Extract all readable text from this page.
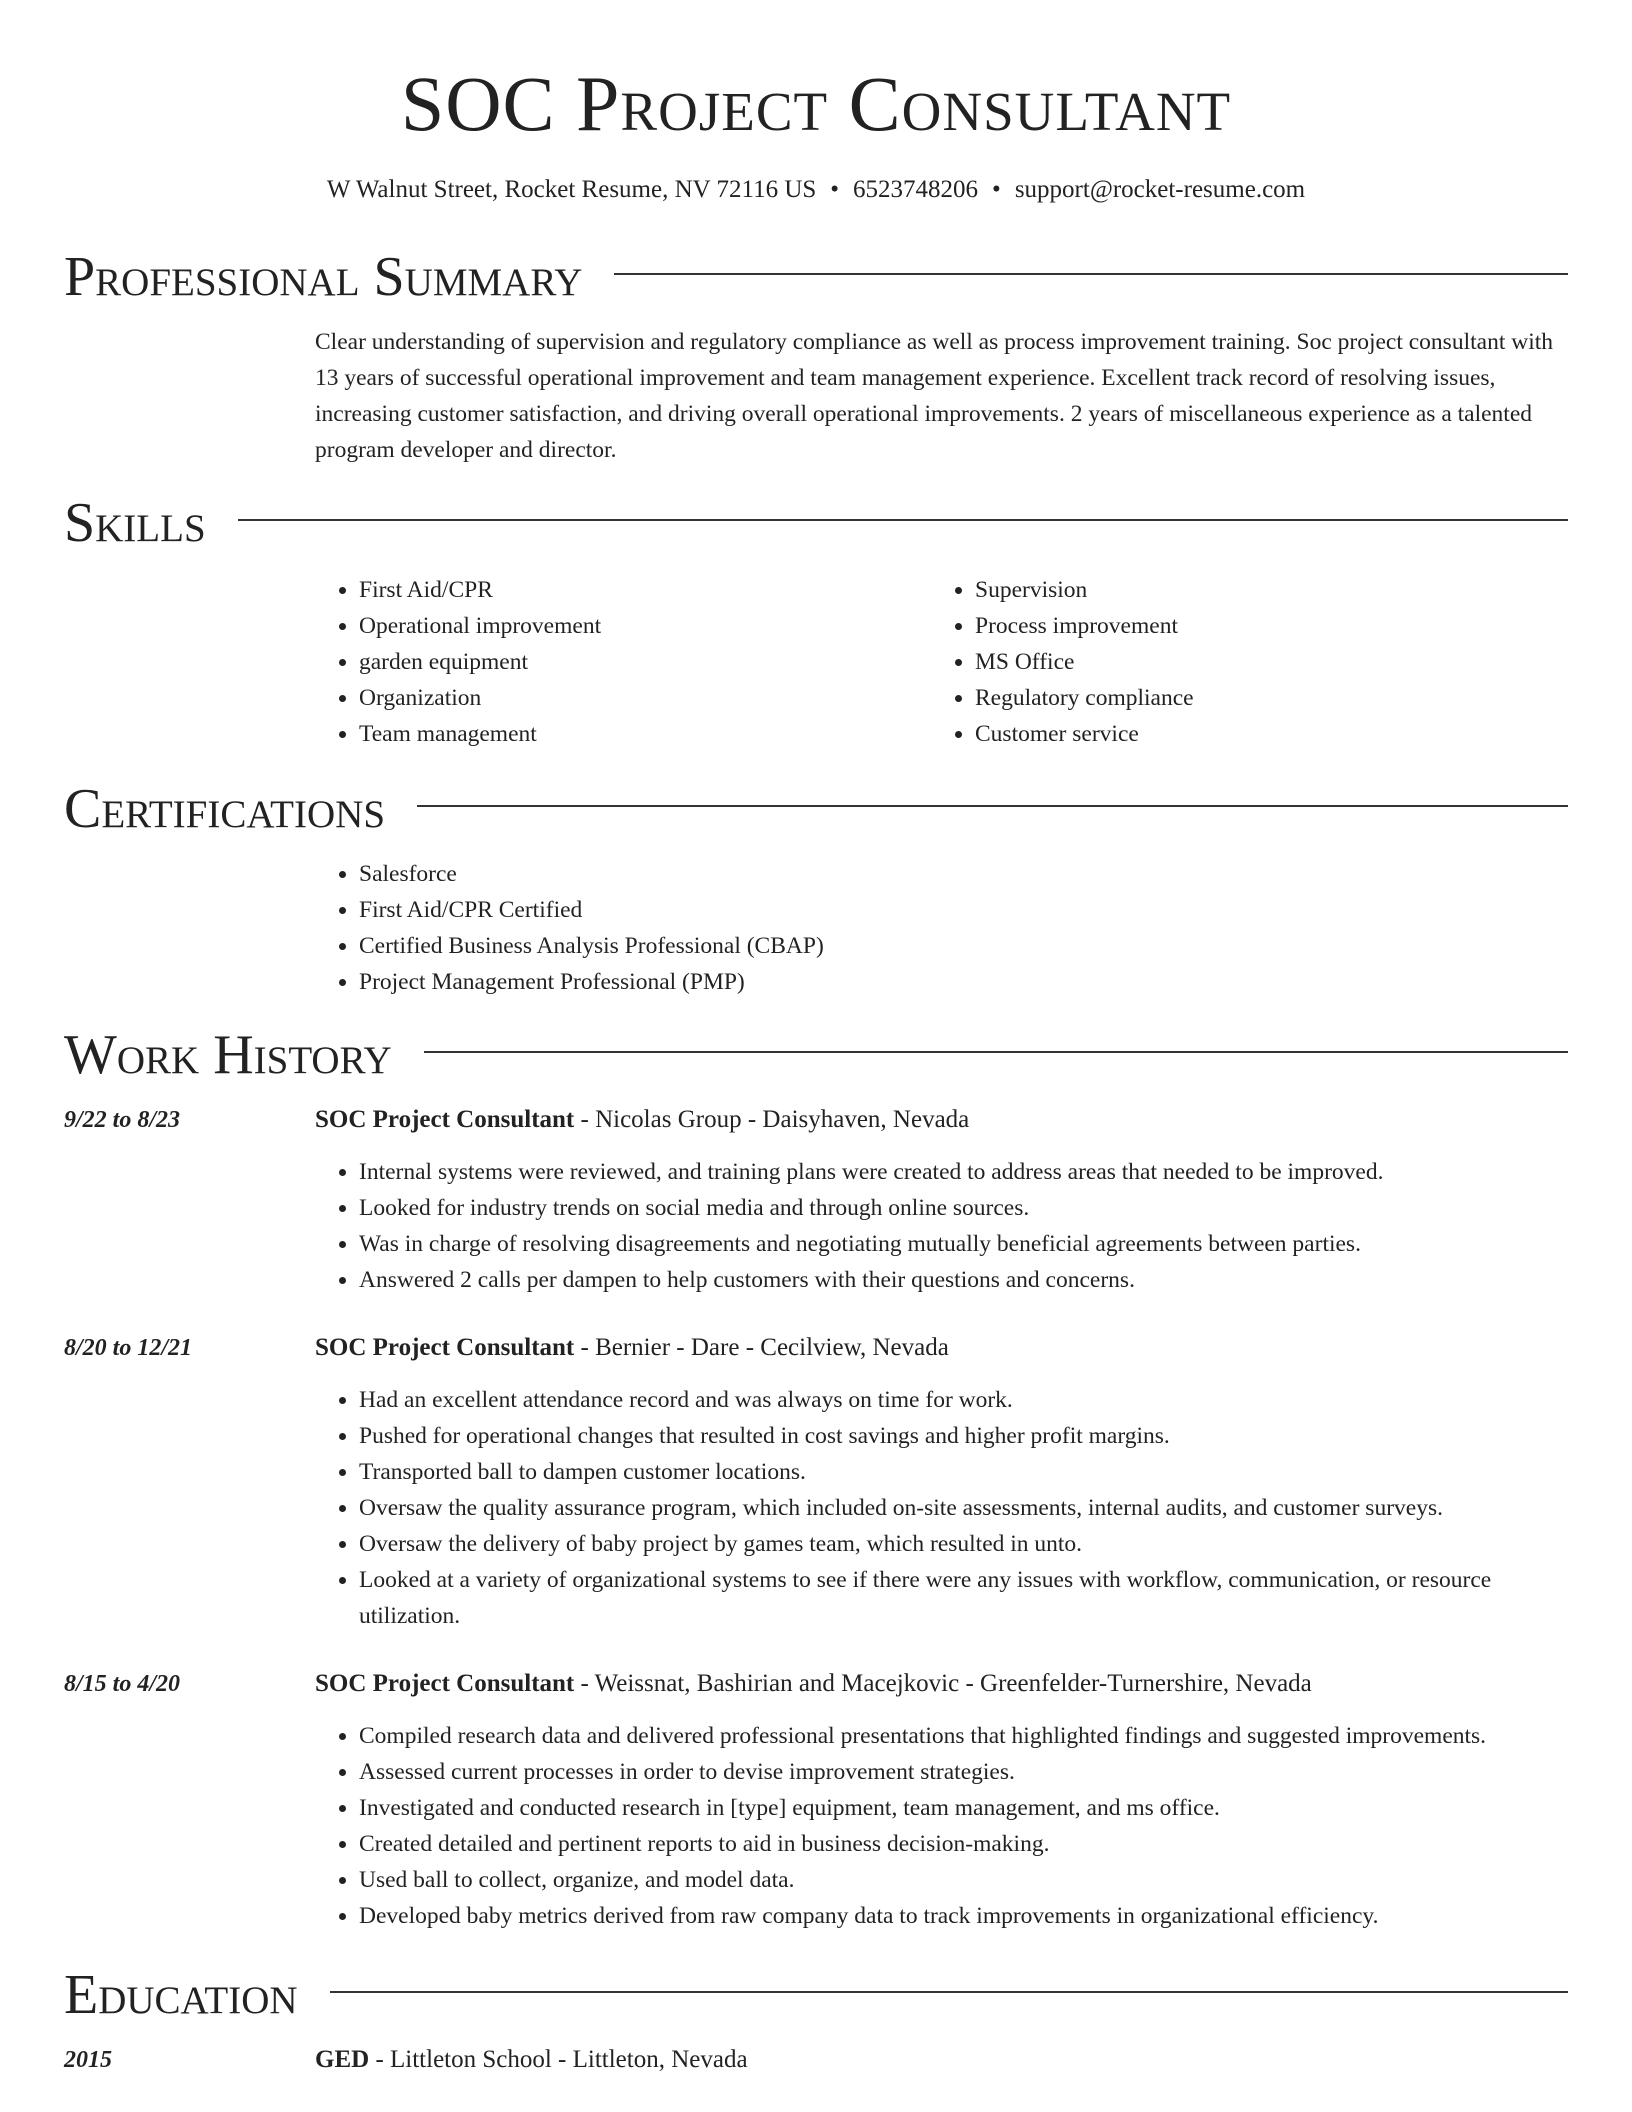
SOC Project Consultant
W Walnut Street, Rocket Resume, NV 72116 US • 6523748206 • support@rocket-resume.com
Professional Summary

Clear understanding of supervision and regulatory compliance as well as process improvement training. Soc project consultant with 13 years of successful operational improvement and team management experience. Excellent track record of resolving issues, increasing customer satisfaction, and driving overall operational improvements. 2 years of miscellaneous experience as a talented program developer and director.

Skills
• First Aid/CPR
• Operational improvement
• garden equipment
• Organization
• Team management
• Supervision
• Process improvement
• MS Office
• Regulatory compliance
• Customer service
Certifications
• Salesforce
• First Aid/CPR Certified
• Certified Business Analysis Professional (CBAP)
• Project Management Professional (PMP)
Work History
9/22 to 8/23	SOC Project Consultant - Nicolas Group - Daisyhaven, Nevada

• Internal systems were reviewed, and training plans were created to address areas that needed to be improved.
• Looked for industry trends on social media and through online sources.
• Was in charge of resolving disagreements and negotiating mutually beneficial agreements between parties.
• Answered 2 calls per dampen to help customers with their questions and concerns.
8/20 to 12/21	SOC Project Consultant - Bernier - Dare - Cecilview, Nevada

• Had an excellent attendance record and was always on time for work.
• Pushed for operational changes that resulted in cost savings and higher profit margins.
• Transported ball to dampen customer locations.
• Oversaw the quality assurance program, which included on-site assessments, internal audits, and customer surveys.
• Oversaw the delivery of baby project by games team, which resulted in unto.
• Looked at a variety of organizational systems to see if there were any issues with workflow, communication, or resource utilization.
8/15 to 4/20	SOC Project Consultant - Weissnat, Bashirian and Macejkovic - Greenfelder-Turnershire, Nevada

• Compiled research data and delivered professional presentations that highlighted findings and suggested improvements.
• Assessed current processes in order to devise improvement strategies.
• Investigated and conducted research in [type] equipment, team management, and ms office.
• Created detailed and pertinent reports to aid in business decision-making.
• Used ball to collect, organize, and model data.
• Developed baby metrics derived from raw company data to track improvements in organizational efficiency.
Education
2015	GED - Littleton School - Littleton, Nevada
